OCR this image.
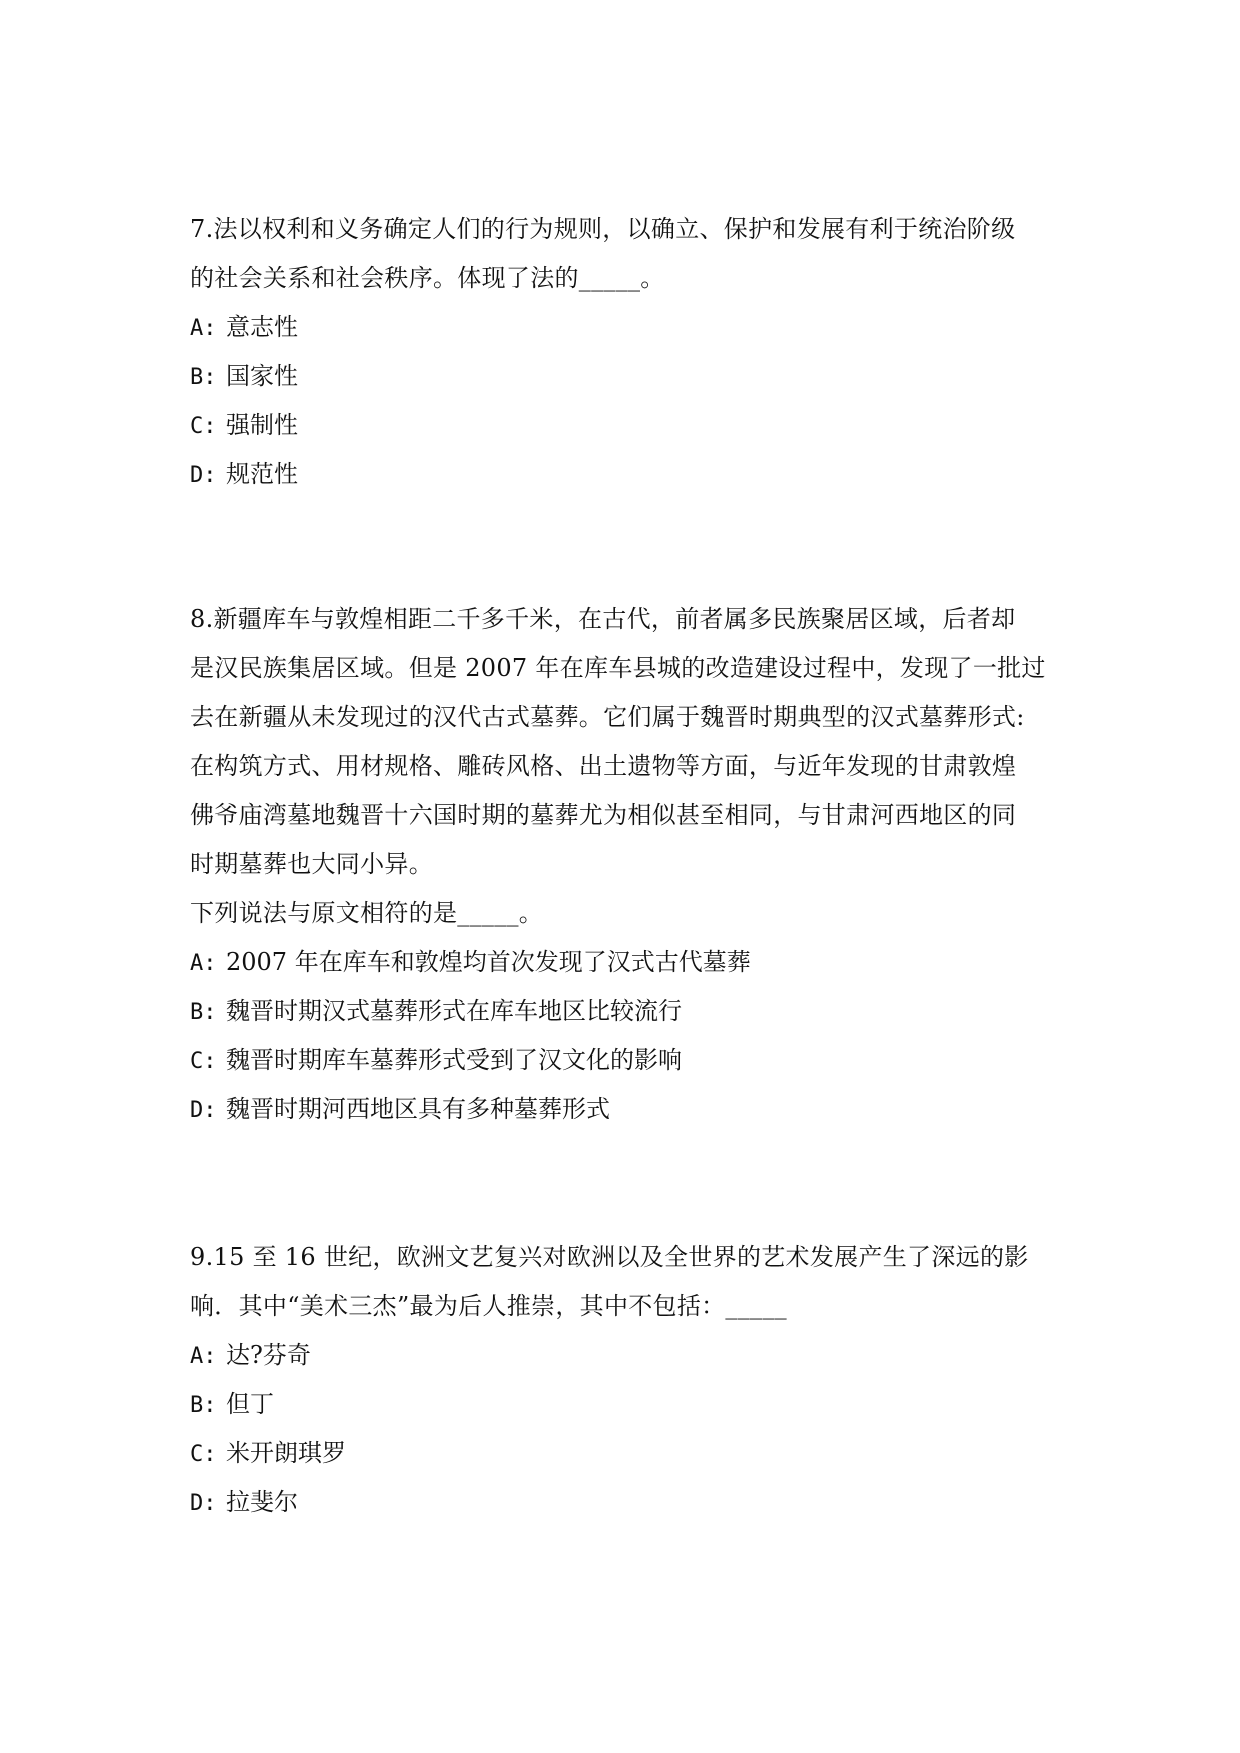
7.法以权利和义务确定人们的行为规则，以确立、保护和发展有利于统治阶级
的社会关系和社会秩序。体现了法的_____。
A: 意志性
B: 国家性
C: 强制性
D: 规范性
8.新疆库车与敦煌相距二千多千米，在古代，前者属多民族聚居区域，后者却
是汉民族集居区域。但是 2007 年在库车县城的改造建设过程中，发现了一批过
去在新疆从未发现过的汉代古式墓葬。它们属于魏晋时期典型的汉式墓葬形式:
在构筑方式、用材规格、雕砖风格、出土遗物等方面，与近年发现的甘肃敦煌
佛爷庙湾墓地魏晋十六国时期的墓葬尤为相似甚至相同，与甘肃河西地区的同
时期墓葬也大同小异。
下列说法与原文相符的是_____。
A: 2007 年在库车和敦煌均首次发现了汉式古代墓葬
B: 魏晋时期汉式墓葬形式在库车地区比较流行
C: 魏晋时期库车墓葬形式受到了汉文化的影响
D: 魏晋时期河西地区具有多种墓葬形式
9.15 至 16 世纪，欧洲文艺复兴对欧洲以及全世界的艺术发展产生了深远的影
响．其中“美术三杰”最为后人推崇，其中不包括：_____
A: 达?芬奇
B: 但丁
C: 米开朗琪罗
D: 拉斐尔
